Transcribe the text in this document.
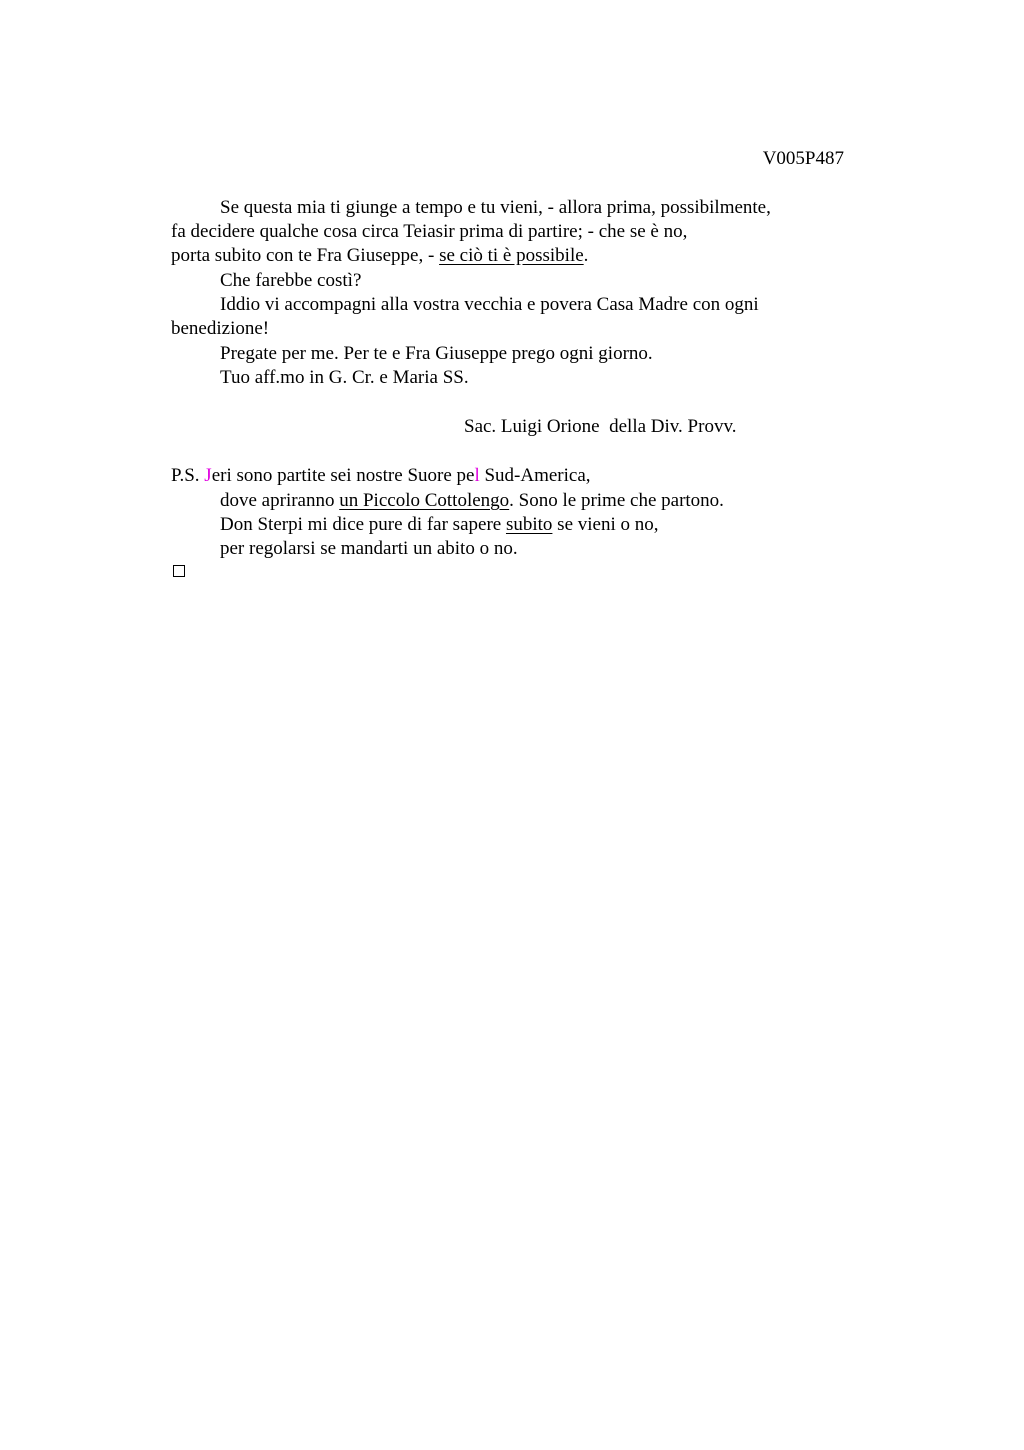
V005P487
Se questa mia ti giunge a tempo e tu vieni, - allora prima, possibilmente,
fa decidere qualche cosa circa Teiasir prima di partire; - che se è no,
porta subito con te Fra Giuseppe, - se ciò ti è possibile.
Che farebbe costì?
Iddio vi accompagni alla vostra vecchia e povera Casa Madre con ogni
benedizione!
Pregate per me. Per te e Fra Giuseppe prego ogni giorno.
Tuo aff.mo in G. Cr. e Maria SS.
Sac. Luigi Orione  della Div. Provv.
P.S. Jeri sono partite sei nostre Suore pel Sud-America,
dove apriranno un Piccolo Cottolengo. Sono le prime che partono.
Don Sterpi mi dice pure di far sapere subito se vieni o no,
per regolarsi se mandarti un abito o no.
